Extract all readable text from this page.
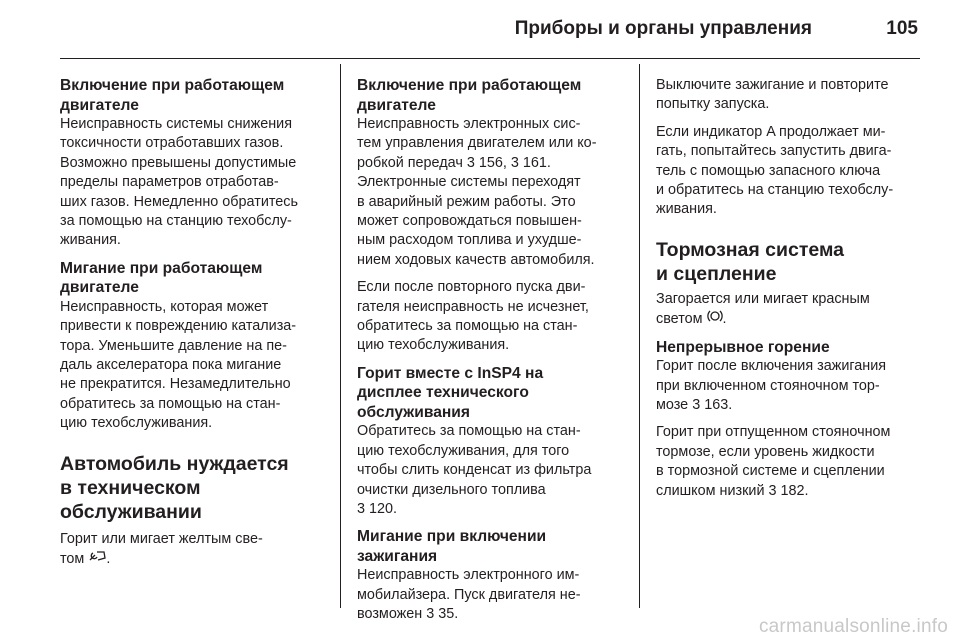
Приборы и органы управления	105
Включение при работающем
двигателе

Неисправность системы снижения
токсичности отработавших газов.
Возможно превышены допустимые
пределы параметров отработав-
ших газов. Немедленно обратитесь
за помощью на станцию техобслу-
живания.

Мигание при работающем
двигателе

Неисправность, которая может
привести к повреждению катализа-
тора. Уменьшите давление на пе-
даль акселератора пока мигание
не прекратится. Незамедлительно
обратитесь за помощью на стан-
цию техобслуживания.

Автомобиль нуждается
в техническом
обслуживании

Горит или мигает желтым све-
том .

Включение при работающем
двигателе

Неисправность электронных сис-
тем управления двигателем или ко-
робкой передач 3 156, 3 161.
Электронные системы переходят
в аварийный режим работы. Это
может сопровождаться повышен-
ным расходом топлива и ухудше-
нием ходовых качеств автомобиля.

Если после повторного пуска дви-
гателя неисправность не исчезнет,
обратитесь за помощью на стан-
цию техобслуживания.

Горит вместе с InSP4 на
дисплее технического
обслуживания

Обратитесь за помощью на стан-
цию техобслуживания, для того
чтобы слить конденсат из фильтра
очистки дизельного топлива
3 120.

Мигание при включении
зажигания

Неисправность электронного им-
мобилайзера. Пуск двигателя не-
возможен 3 35.

Выключите зажигание и повторите
попытку запуска.

Если индикатор A продолжает ми-
гать, попытайтесь запустить двига-
тель с помощью запасного ключа
и обратитесь на станцию техобслу-
живания.

Тормозная система
и сцепление

Загорается или мигает красным
светом .

Непрерывное горение

Горит после включения зажигания
при включенном стояночном тор-
мозе 3 163.

Горит при отпущенном стояночном
тормозе, если уровень жидкости
в тормозной системе и сцеплении
слишком низкий 3 182.

carmanualsonline.info
